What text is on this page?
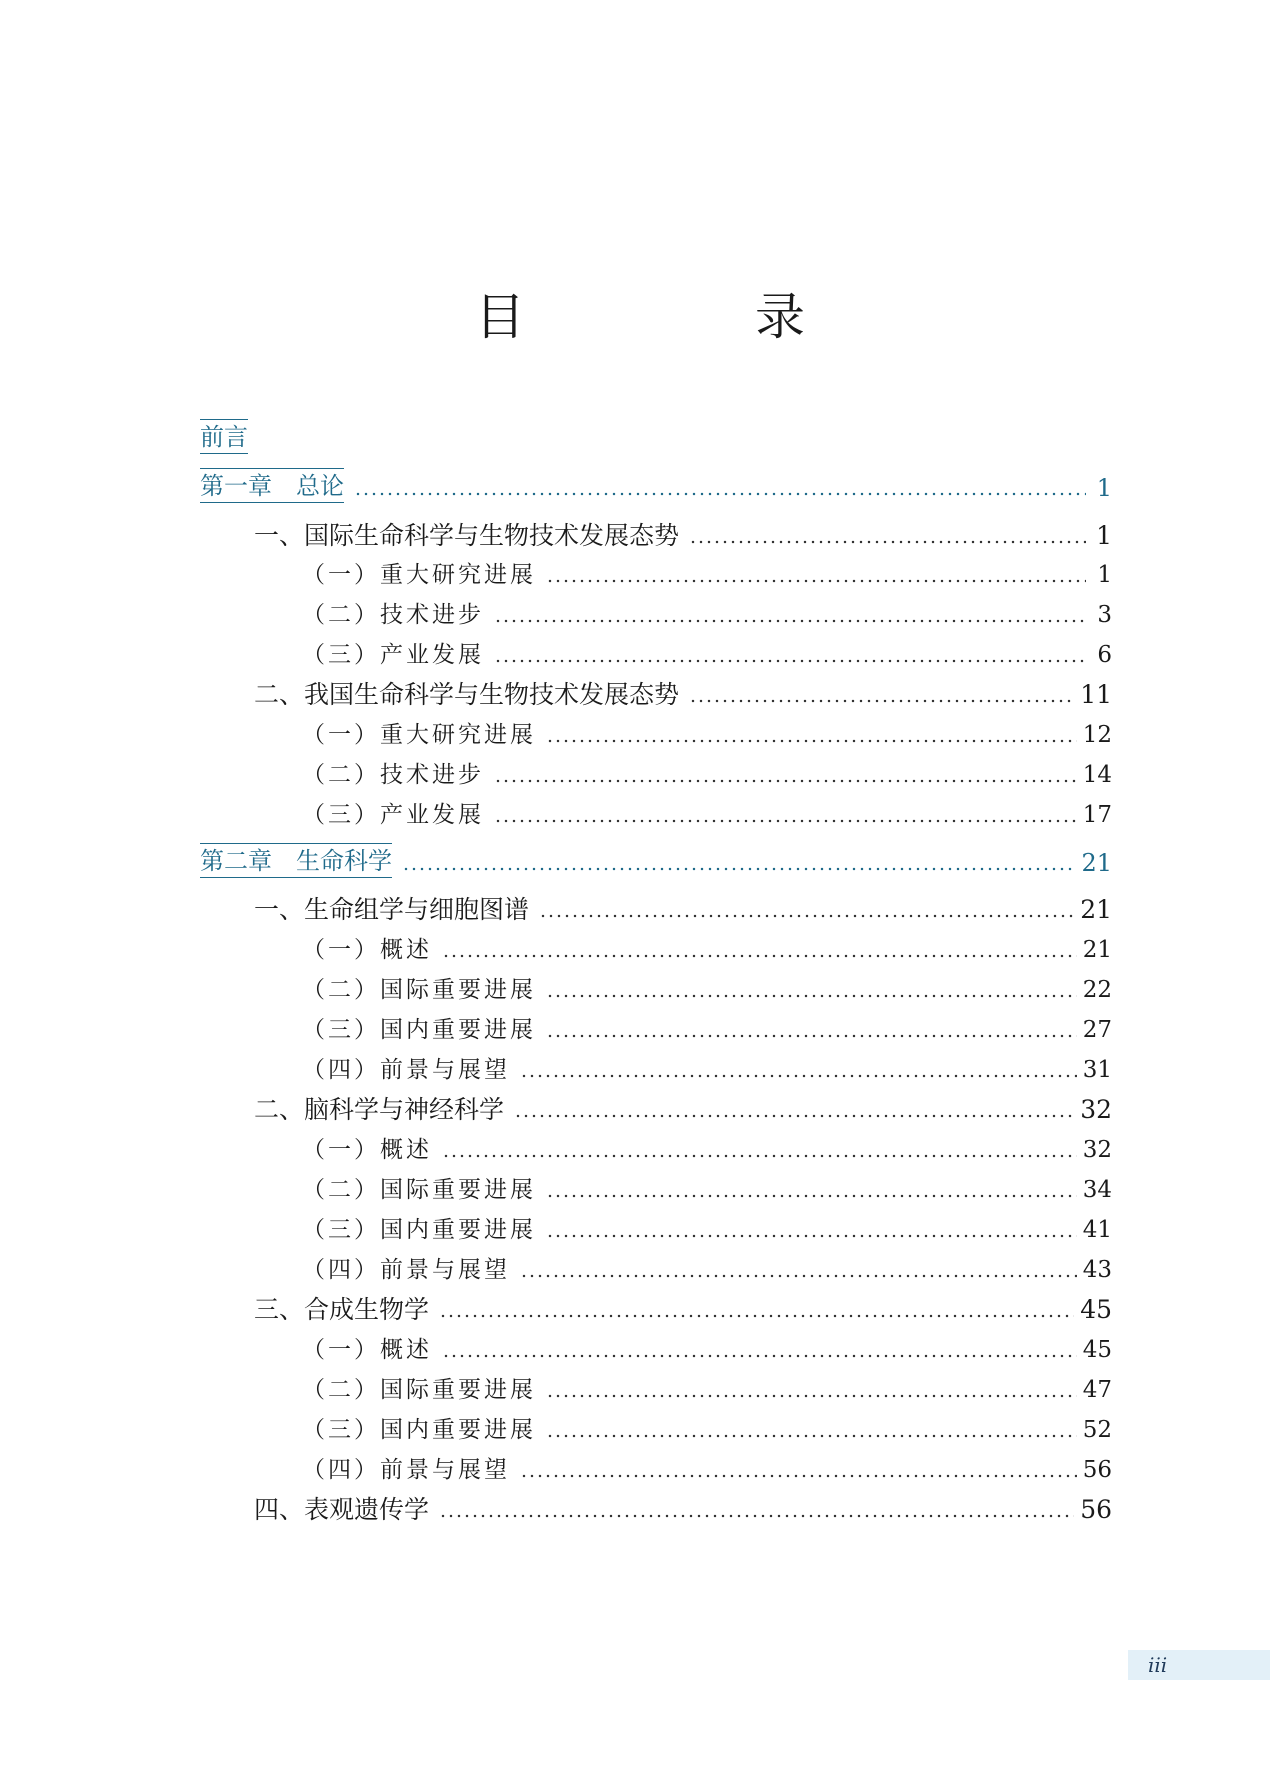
目　录
前言
第一章　总论	1
一、国际生命科学与生物技术发展态势	1
（一）重大研究进展	1
（二）技术进步	3
（三）产业发展	6
二、我国生命科学与生物技术发展态势	11
（一）重大研究进展	12
（二）技术进步	14
（三）产业发展	17
第二章　生命科学	21
一、生命组学与细胞图谱	21
（一）概述	21
（二）国际重要进展	22
（三）国内重要进展	27
（四）前景与展望	31
二、脑科学与神经科学	32
（一）概述	32
（二）国际重要进展	34
（三）国内重要进展	41
（四）前景与展望	43
三、合成生物学	45
（一）概述	45
（二）国际重要进展	47
（三）国内重要进展	52
（四）前景与展望	56
四、表观遗传学	56
iii
